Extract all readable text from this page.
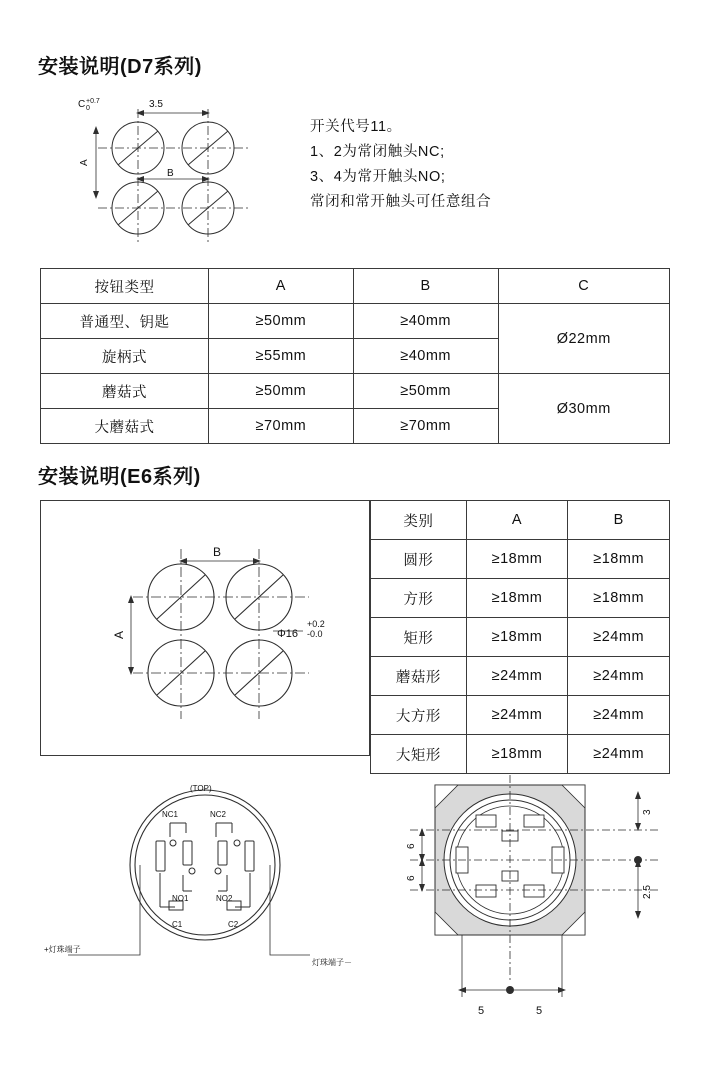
安装说明(D7系列)
C +0.7
0	3.5
A
B
开关代号11。
1、2为常闭触头NC;
3、4为常开触头NO;
常闭和常开触头可任意组合
按钮类型	A	B	C
普通型、钥匙	≥50mm	≥40mm	Ø22mm
旋柄式	≥55mm	≥40mm	
蘑菇式	≥50mm	≥50mm	Ø30mm
大蘑菇式	≥70mm	≥70mm	
安装说明(E6系列)
B
A	Φ16
+0.2
-0.0
类别	A	B
圆形	≥18mm	≥18mm
方形	≥18mm	≥18mm
矩形	≥18mm	≥24mm
蘑菇形	≥24mm	≥24mm
大方形	≥24mm	≥24mm
大矩形	≥18mm	≥24mm
(TOP)
NC1	NC2
NO1	NO2
C1	C2
+灯珠端子
灯珠端子－
3
6
6
2.5
5	5
